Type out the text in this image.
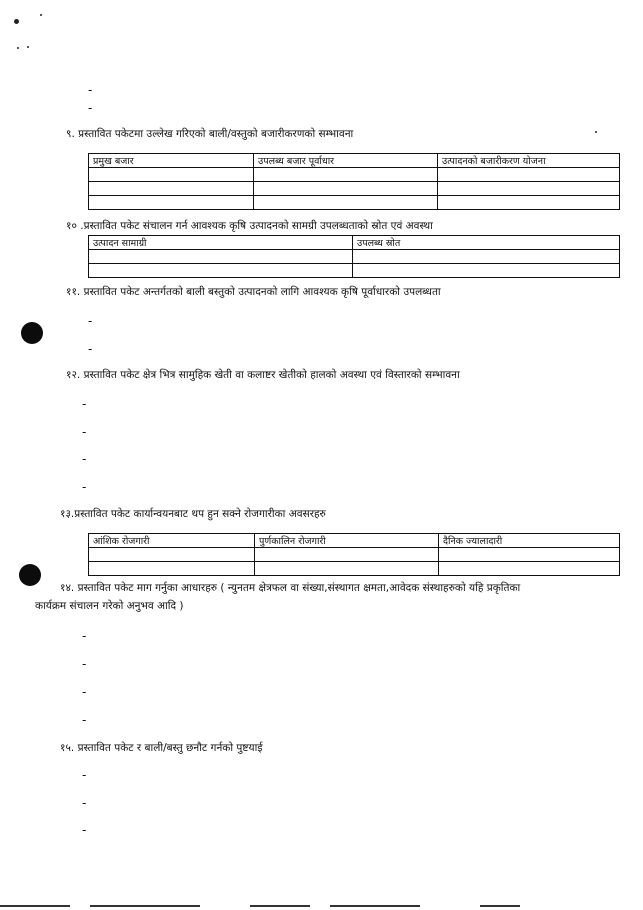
-
-
९. प्रस्तावित पकेटमा उल्लेख गरिएको बाली/वस्तुको बजारीकरणको सम्भावना
प्रमुख बजार	उपलब्ध बजार पूर्वाधार	उत्पादनको बजारीकरण योजना

१० .प्रस्तावित पकेट संचालन गर्न आवश्यक कृषि उत्पादनको सामग्री उपलब्धताको स्रोत एवं अवस्था
उत्पादन सामाग्री	उपलब्ध स्रोत

११. प्रस्तावित पकेट अन्तर्गतको बाली बस्तुको उत्पादनको लागि आवश्यक कृषि पूर्वाधारको उपलब्धता
-
-
१२. प्रस्तावित पकेट क्षेत्र भित्र सामुहिक खेती वा कलाष्टर खेतीको हालको अवस्था एवं विस्तारको सम्भावना
-
-
-
-
१३.प्रस्तावित पकेट कार्यान्वयनबाट थप हुन सक्ने रोजगारीका अवसरहरु
आंशिक रोजगारी	पुर्णकालिन रोजगारी	दैनिक ज्यालादारी

१४. प्रस्तावित पकेट माग गर्नुका आधारहरु ( न्युनतम क्षेत्रफल वा संख्या,संस्थागत क्षमता,आवेदक संस्थाहरुको यहि प्रकृतिका
कार्यक्रम संचालन गरेको अनुभव आदि )
-
-
-
-
१५. प्रस्तावित पकेट र बाली/बस्तु छनौट गर्नको पुष्टयाई
-
-
-
